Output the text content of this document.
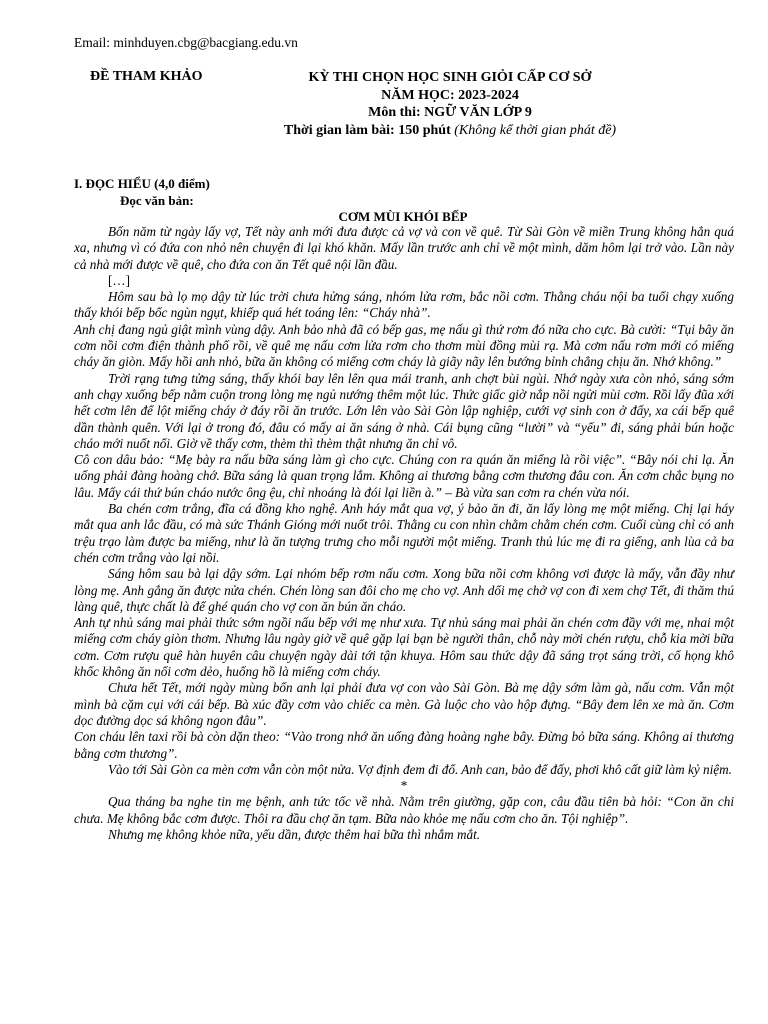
Email: minhduyen.cbg@bacgiang.edu.vn
ĐỀ THAM KHẢO	KỲ THI CHỌN HỌC SINH GIỎI CẤP CƠ SỞ
NĂM HỌC: 2023-2024
Môn thi: NGỮ VĂN LỚP 9
Thời gian làm bài: 150 phút (Không kể thời gian phát đề)
I. ĐỌC HIỂU (4,0 điểm)
Đọc văn bản:
CƠM MÙI KHÓI BẾP

Bốn năm từ ngày lấy vợ, Tết này anh mới đưa được cả vợ và con về quê. Từ Sài Gòn về miền Trung không hẳn quá xa, nhưng vì có đứa con nhỏ nên chuyện đi lại khó khăn. Mấy lần trước anh chỉ về một mình, dăm hôm lại trở vào. Lần này cả nhà mới được về quê, cho đứa con ăn Tết quê nội lần đầu.

[…]

Hôm sau bà lọ mọ dậy từ lúc trời chưa hửng sáng, nhóm lửa rơm, bắc nồi cơm. Thằng cháu nội ba tuổi chạy xuống thấy khói bếp bốc ngùn ngụt, khiếp quá hét toáng lên: “Cháy nhà”.

Anh chị đang ngủ giật mình vùng dậy. Anh bảo nhà đã có bếp gas, mẹ nấu gì thứ rơm đó nữa cho cực. Bà cười: “Tụi bây ăn cơm nồi cơm điện thành phố rồi, về quê mẹ nấu cơm lửa rơm cho thơm mùi đồng mùi rạ. Mà cơm nấu rơm mới có miếng cháy ăn giòn. Mấy hồi anh nhỏ, bữa ăn không có miếng cơm cháy là giãy nãy lên bướng bỉnh chẳng chịu ăn. Nhớ không.”

Trời rạng tưng tửng sáng, thấy khói bay lên lên qua mái tranh, anh chợt bùi ngùi. Nhớ ngày xưa còn nhỏ, sáng sớm anh chạy xuống bếp nằm cuộn trong lòng mẹ ngủ nướng thêm một lúc. Thức giấc giờ nắp nồi ngửi mùi cơm. Rồi lấy đũa xới hết cơm lên để lột miếng cháy ở đáy rồi ăn trước. Lớn lên vào Sài Gòn lập nghiệp, cưới vợ sinh con ở đấy, xa cái bếp quê dần thành quên. Với lại ở trong đó, đâu có mấy ai ăn sáng ở nhà. Cái bụng cũng “lười” và “yếu” đi, sáng phải bún hoặc cháo mới nuốt nổi. Giờ về thấy cơm, thèm thì thèm thật nhưng ăn chỉ vô.

Cô con dâu bảo: “Mẹ bày ra nấu bữa sáng làm gì cho cực. Chúng con ra quán ăn miếng là rồi việc”. “Bây nói chi lạ. Ăn uống phải đàng hoàng chớ. Bữa sáng là quan trọng lắm. Không ai thương bằng cơm thương đâu con. Ăn cơm chắc bụng no lâu. Mấy cái thứ bún cháo nước ông ệu, chỉ nhoáng là đói lại liền à.” – Bà vừa san cơm ra chén vừa nói.

Ba chén cơm trắng, đĩa cá đồng kho nghệ. Anh háy mắt qua vợ, ý bảo ăn đi, ăn lấy lòng mẹ một miếng. Chị lại háy mắt qua anh lắc đầu, có mà sức Thánh Gióng mới nuốt trôi. Thằng cu con nhìn chằm chằm chén cơm. Cuối cùng chỉ có anh trệu trạo làm được ba miếng, như là ăn tượng trưng cho mỗi người một miếng. Tranh thủ lúc mẹ đi ra giếng, anh lùa cả ba chén cơm trắng vào lại nồi.

Sáng hôm sau bà lại dậy sớm. Lại nhóm bếp rơm nấu cơm. Xong bữa nồi cơm không vơi được là mấy, vẫn đầy như lòng mẹ. Anh gắng ăn được nửa chén. Chén lòng san đôi cho mẹ cho vợ. Anh dối mẹ chở vợ con đi xem chợ Tết, đi thăm thú làng quê, thực chất là để ghé quán cho vợ con ăn bún ăn cháo.

Anh tự nhủ sáng mai phải thức sớm ngồi nấu bếp với mẹ như xưa. Tự nhủ sáng mai phải ăn chén cơm đầy với mẹ, nhai một miếng cơm cháy giòn thơm. Nhưng lâu ngày giờ về quê gặp lại bạn bè người thân, chỗ này mời chén rượu, chỗ kia mời bữa cơm. Cơm rượu quê hàn huyên câu chuyện ngày dài tới tận khuya. Hôm sau thức dậy đã sáng trọt sáng trời, cổ họng khô khốc không ăn nổi cơm dẻo, huống hồ là miếng cơm cháy.

Chưa hết Tết, mới ngày mùng bốn anh lại phải đưa vợ con vào Sài Gòn. Bà mẹ dậy sớm làm gà, nấu cơm. Vẫn một mình bà cặm cụi với cái bếp. Bà xúc đầy cơm vào chiếc ca mèn. Gà luộc cho vào hộp đựng. “Bây đem lên xe mà ăn. Cơm dọc đường dọc sá không ngon đâu”.

Con cháu lên taxi rồi bà còn dặn theo: “Vào trong nhớ ăn uống đàng hoàng nghe bây. Đừng bỏ bữa sáng. Không ai thương bằng cơm thương”.

Vào tới Sài Gòn ca mèn cơm vẫn còn một nửa. Vợ định đem đi đổ. Anh can, bảo để đấy, phơi khô cất giữ làm kỷ niệm.

*

Qua tháng ba nghe tin mẹ bệnh, anh tức tốc về nhà. Nằm trên giường, gặp con, câu đầu tiên bà hỏi: “Con ăn chi chưa. Mẹ không bắc cơm được. Thôi ra đầu chợ ăn tạm. Bữa nào khỏe mẹ nấu cơm cho ăn. Tội nghiệp”.

Nhưng mẹ không khỏe nữa, yếu dần, được thêm hai bữa thì nhắm mắt.
